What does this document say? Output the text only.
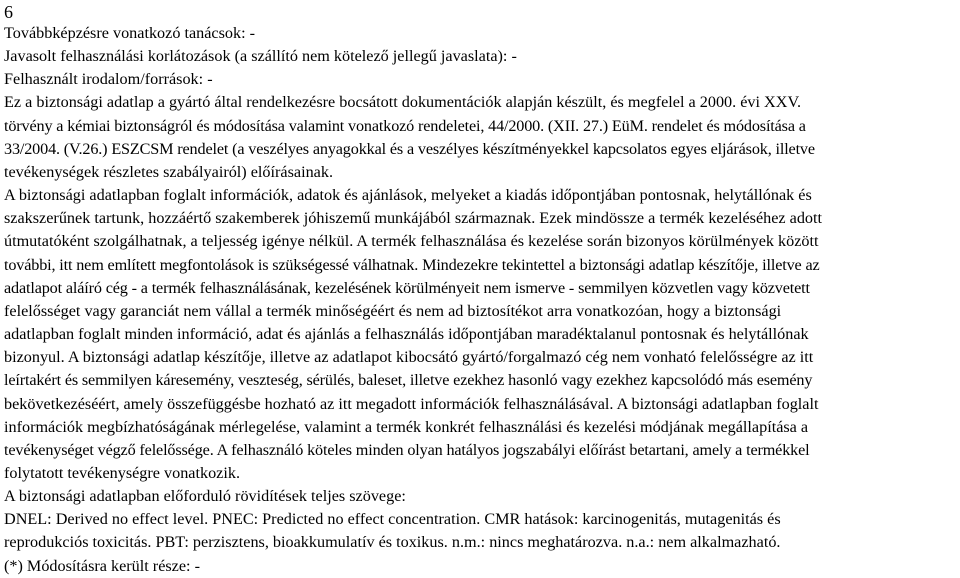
6
Továbbképzésre vonatkozó tanácsok: -
Javasolt felhasználási korlátozások (a szállító nem kötelező jellegű javaslata): -
Felhasznált irodalom/források: -
Ez a biztonsági adatlap a gyártó által rendelkezésre bocsátott dokumentációk alapján készült, és megfelel a 2000. évi XXV.
törvény a kémiai biztonságról és módosítása valamint vonatkozó rendeletei, 44/2000. (XII. 27.) EüM. rendelet és módosítása a
33/2004. (V.26.) ESZCSM rendelet (a veszélyes anyagokkal és a veszélyes készítményekkel kapcsolatos egyes eljárások, illetve
tevékenységek részletes szabályairól) előírásainak.
A biztonsági adatlapban foglalt információk, adatok és ajánlások, melyeket a kiadás időpontjában pontosnak, helytállónak és
szakszerűnek tartunk, hozzáértő szakemberek jóhiszemű munkájából származnak. Ezek mindössze a termék kezeléséhez adott
útmutatóként szolgálhatnak, a teljesség igénye nélkül. A termék felhasználása és kezelése során bizonyos körülmények között
további, itt nem említett megfontolások is szükségessé válhatnak. Mindezekre tekintettel a biztonsági adatlap készítője, illetve az
adatlapot aláíró cég - a termék felhasználásának, kezelésének körülményeit nem ismerve - semmilyen közvetlen vagy közvetett
felelősséget vagy garanciát nem vállal a termék minőségéért és nem ad biztosítékot arra vonatkozóan, hogy a biztonsági
adatlapban foglalt minden információ, adat és ajánlás a felhasználás időpontjában maradéktalanul pontosnak és helytállónak
bizonyul. A biztonsági adatlap készítője, illetve az adatlapot kibocsátó gyártó/forgalmazó cég nem vonható felelősségre az itt
leírtakért és semmilyen káresemény, veszteség, sérülés, baleset, illetve ezekhez hasonló vagy ezekhez kapcsolódó más esemény
bekövetkezéséért, amely összefüggésbe hozható az itt megadott információk felhasználásával. A biztonsági adatlapban foglalt
információk megbízhatóságának mérlegelése, valamint a termék konkrét felhasználási és kezelési módjának megállapítása a
tevékenységet végző felelőssége. A felhasználó köteles minden olyan hatályos jogszabályi előírást betartani, amely a termékkel
folytatott tevékenységre vonatkozik.
A biztonsági adatlapban előforduló rövidítések teljes szövege:
DNEL: Derived no effect level. PNEC: Predicted no effect concentration. CMR hatások: karcinogenitás, mutagenitás és
reprodukciós toxicitás. PBT: perzisztens, bioakkumulatív és toxikus. n.m.: nincs meghatározva. n.a.: nem alkalmazható.
(*) Módosításra került része: -
